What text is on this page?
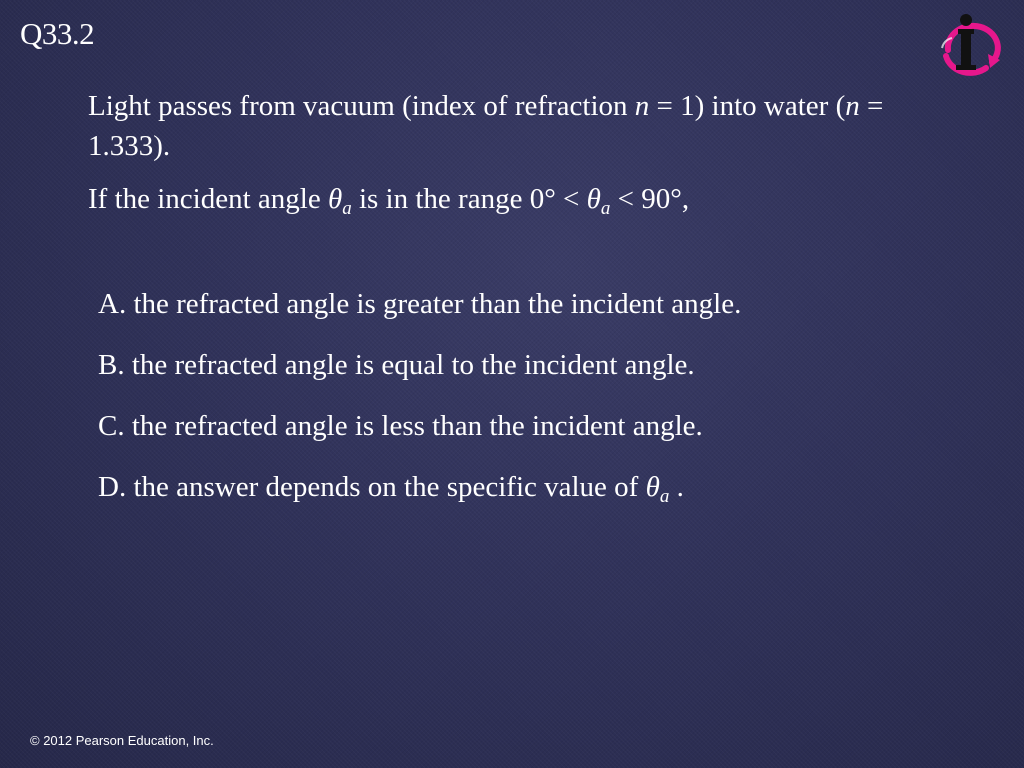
Q33.2

Light passes from vacuum (index of refraction n = 1) into water (n = 1.333).

If the incident angle $\theta_a$ is in the range $0^\circ < \theta_a < 90^\circ$,

A. the refracted angle is greater than the incident angle.
B. the refracted angle is equal to the incident angle.
C. the refracted angle is less than the incident angle.
D. the answer depends on the specific value of $\theta_a$ .
© 2012 Pearson Education, Inc.
